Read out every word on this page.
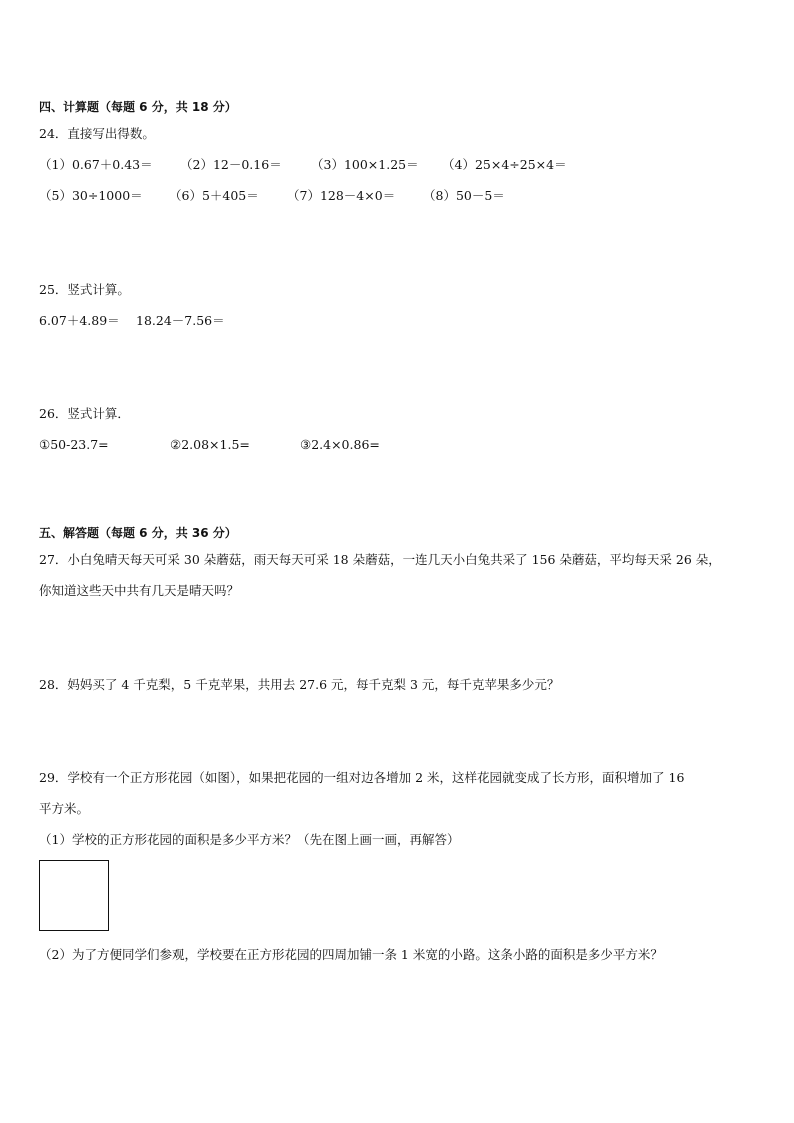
四、计算题（每题 6 分，共 18 分）
24．直接写出得数。
（1）0.67＋0.43＝ （2）12－0.16＝ （3）100×1.25＝ （4）25×4÷25×4＝
（5）30÷1000＝ （6）5＋405＝ （7）128－4×0＝ （8）50－5＝
25．竖式计算。
6.07＋4.89＝ 18.24－7.56＝
26．竖式计算．
①50-23.7=	②2.08×1.5=	③2.4×0.86=
五、解答题（每题 6 分，共 36 分）
27．小白兔晴天每天可采 30 朵蘑菇，雨天每天可采 18 朵蘑菇，一连几天小白兔共采了 156 朵蘑菇，平均每天采 26 朵，
你知道这些天中共有几天是晴天吗？
28．妈妈买了 4 千克梨，5 千克苹果，共用去 27.6 元，每千克梨 3 元，每千克苹果多少元？
29．学校有一个正方形花园（如图），如果把花园的一组对边各增加 2 米，这样花园就变成了长方形，面积增加了 16
平方米。
（1）学校的正方形花园的面积是多少平方米？（先在图上画一画，再解答）
（2）为了方便同学们参观，学校要在正方形花园的四周加铺一条 1 米宽的小路。这条小路的面积是多少平方米？
